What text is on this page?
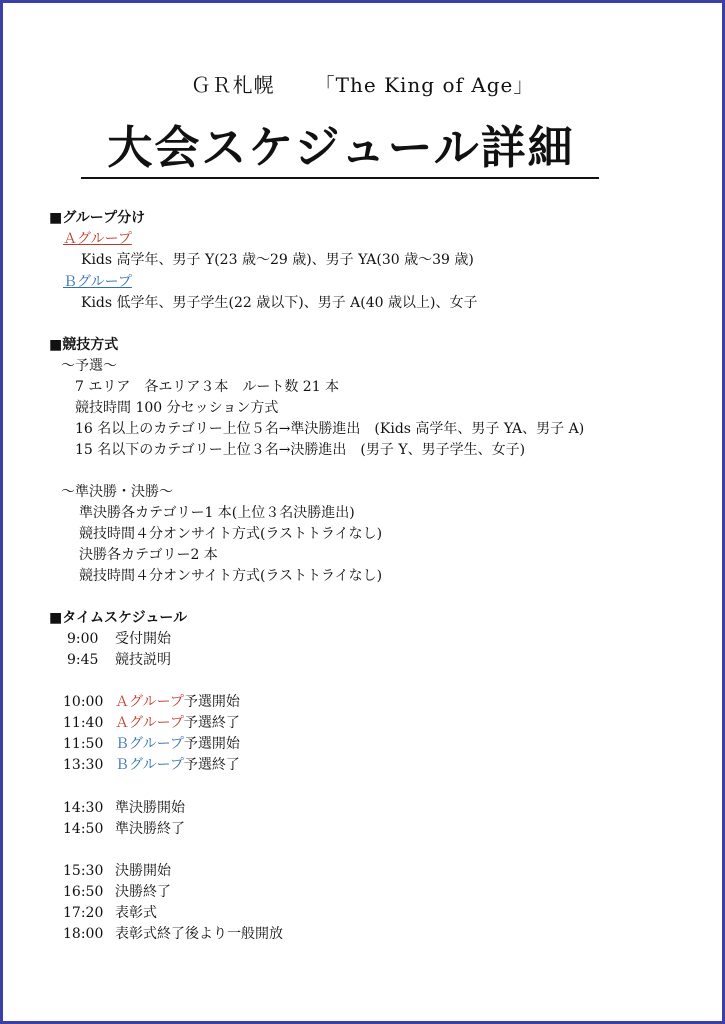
ＧＲ札幌 「The King of Age」
大会スケジュール詳細
■グループ分け
Ａグループ
Kids 高学年、男子 Y(23 歳～29 歳)、男子 YA(30 歳～39 歳)
Ｂグループ
Kids 低学年、男子学生(22 歳以下)、男子 A(40 歳以上)、女子
■競技方式
～予選～
7 エリア　各エリア３本　ルート数 21 本
競技時間 100 分セッション方式
16 名以上のカテゴリー上位５名→準決勝進出　(Kids 高学年、男子 YA、男子 A)
15 名以下のカテゴリー上位３名→決勝進出　(男子 Y、男子学生、女子)
～準決勝・決勝～
準決勝各カテゴリー1 本(上位３名決勝進出)
競技時間４分オンサイト方式(ラストトライなし)
決勝各カテゴリー2 本
競技時間４分オンサイト方式(ラストトライなし)
■タイムスケジュール
9:00 受付開始
9:45 競技説明
10:00 Ａグループ予選開始
11:40 Ａグループ予選終了
11:50 Ｂグループ予選開始
13:30 Ｂグループ予選終了
14:30 準決勝開始
14:50 準決勝終了
15:30 決勝開始
16:50 決勝終了
17:20 表彰式
18:00 表彰式終了後より一般開放
